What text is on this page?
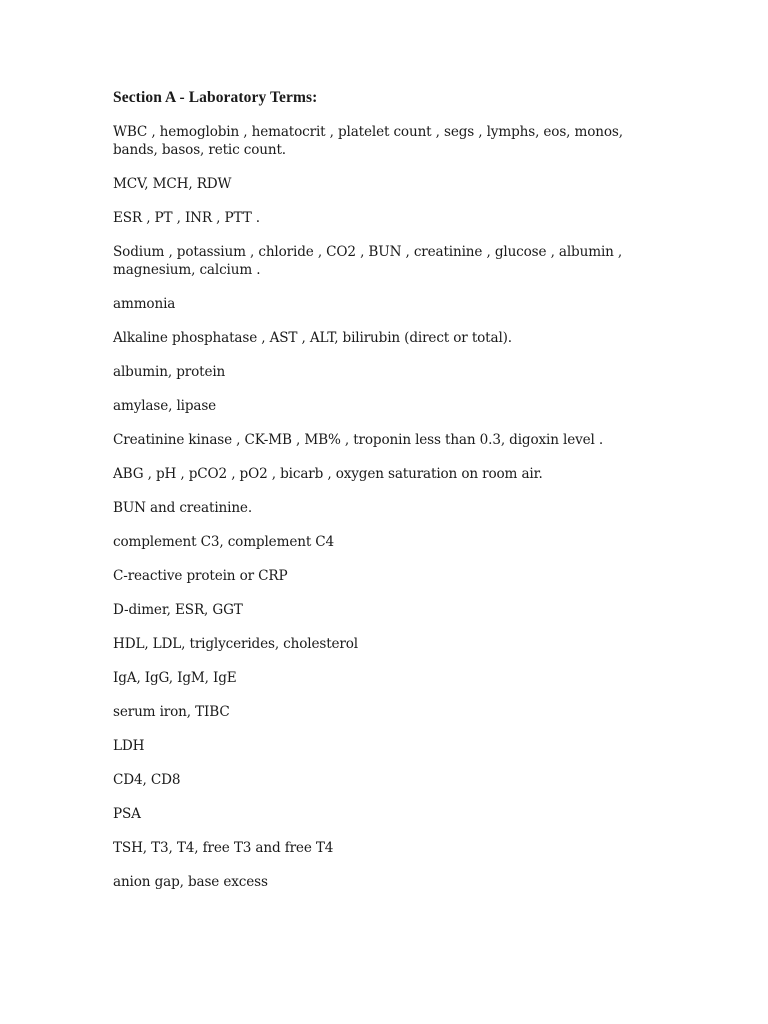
Section A - Laboratory Terms:
WBC , hemoglobin , hematocrit , platelet count , segs , lymphs, eos, monos, bands, basos, retic count.
MCV, MCH, RDW
ESR , PT , INR , PTT .
Sodium , potassium , chloride , CO2 , BUN , creatinine , glucose , albumin , magnesium, calcium .
ammonia
Alkaline phosphatase , AST , ALT, bilirubin (direct or total).
albumin, protein
amylase, lipase
Creatinine kinase , CK-MB , MB% , troponin less than 0.3, digoxin level .
ABG , pH , pCO2 , pO2 , bicarb , oxygen saturation on room air.
BUN and creatinine.
complement C3, complement C4
C-reactive protein or CRP
D-dimer, ESR, GGT
HDL, LDL, triglycerides, cholesterol
IgA, IgG, IgM, IgE
serum iron, TIBC
LDH
CD4, CD8
PSA
TSH, T3, T4, free T3 and free T4
anion gap, base excess
